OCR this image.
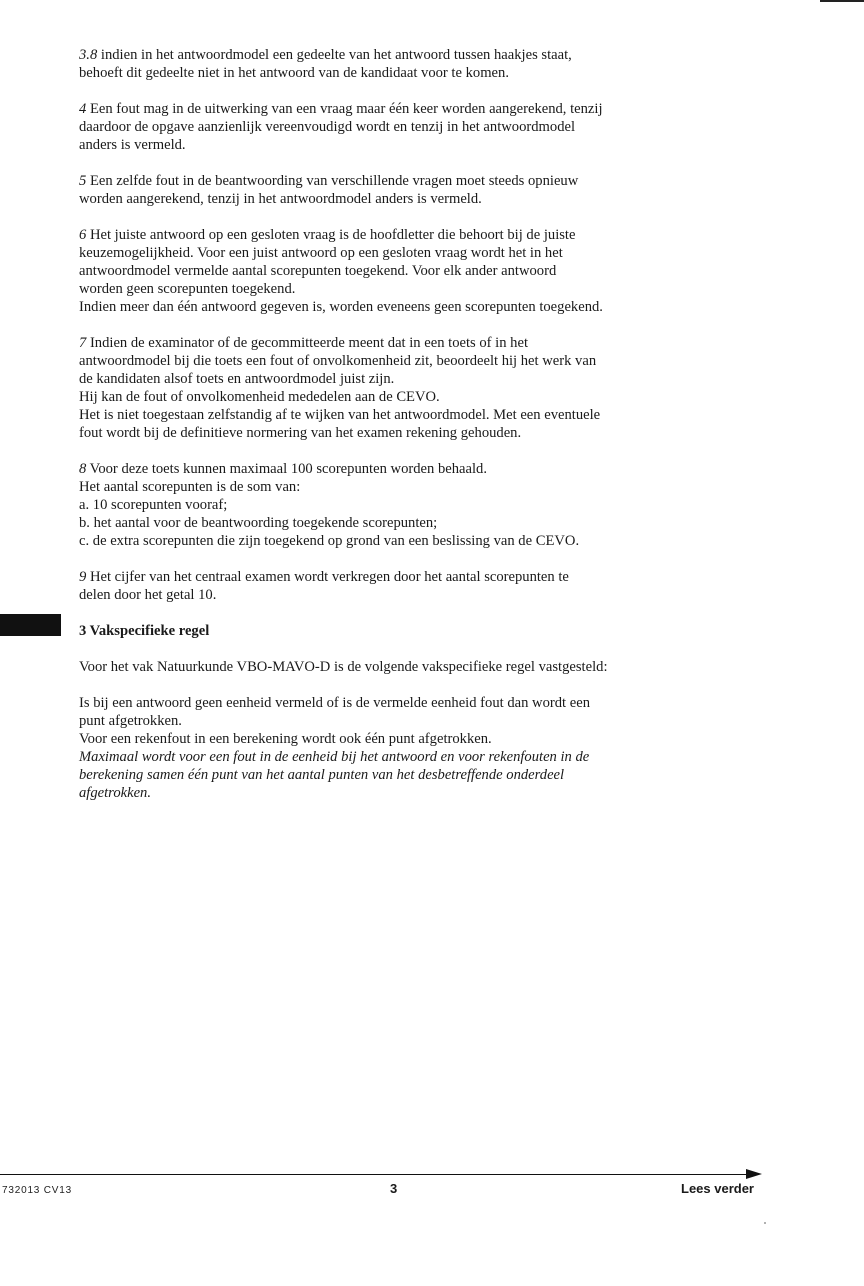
3.8 indien in het antwoordmodel een gedeelte van het antwoord tussen haakjes staat,
behoeft dit gedeelte niet in het antwoord van de kandidaat voor te komen.

4 Een fout mag in de uitwerking van een vraag maar één keer worden aangerekend, tenzij
daardoor de opgave aanzienlijk vereenvoudigd wordt en tenzij in het antwoordmodel
anders is vermeld.

5 Een zelfde fout in de beantwoording van verschillende vragen moet steeds opnieuw
worden aangerekend, tenzij in het antwoordmodel anders is vermeld.

6 Het juiste antwoord op een gesloten vraag is de hoofdletter die behoort bij de juiste
keuzemogelijkheid. Voor een juist antwoord op een gesloten vraag wordt het in het
antwoordmodel vermelde aantal scorepunten toegekend. Voor elk ander antwoord
worden geen scorepunten toegekend.
Indien meer dan één antwoord gegeven is, worden eveneens geen scorepunten toegekend.

7 Indien de examinator of de gecommitteerde meent dat in een toets of in het
antwoordmodel bij die toets een fout of onvolkomenheid zit, beoordeelt hij het werk van
de kandidaten alsof toets en antwoordmodel juist zijn.
Hij kan de fout of onvolkomenheid mededelen aan de CEVO.
Het is niet toegestaan zelfstandig af te wijken van het antwoordmodel. Met een eventuele
fout wordt bij de definitieve normering van het examen rekening gehouden.

8 Voor deze toets kunnen maximaal 100 scorepunten worden behaald.
Het aantal scorepunten is de som van:
a. 10 scorepunten vooraf;
b. het aantal voor de beantwoording toegekende scorepunten;
c. de extra scorepunten die zijn toegekend op grond van een beslissing van de CEVO.

9 Het cijfer van het centraal examen wordt verkregen door het aantal scorepunten te
delen door het getal 10.

3 Vakspecifieke regel

Voor het vak Natuurkunde VBO-MAVO-D is de volgende vakspecifieke regel vastgesteld:

Is bij een antwoord geen eenheid vermeld of is de vermelde eenheid fout dan wordt een
punt afgetrokken.
Voor een rekenfout in een berekening wordt ook één punt afgetrokken.
Maximaal wordt voor een fout in de eenheid bij het antwoord en voor rekenfouten in de
berekening samen één punt van het aantal punten van het desbetreffende onderdeel
afgetrokken.

732013 CV13	3	Lees verder
